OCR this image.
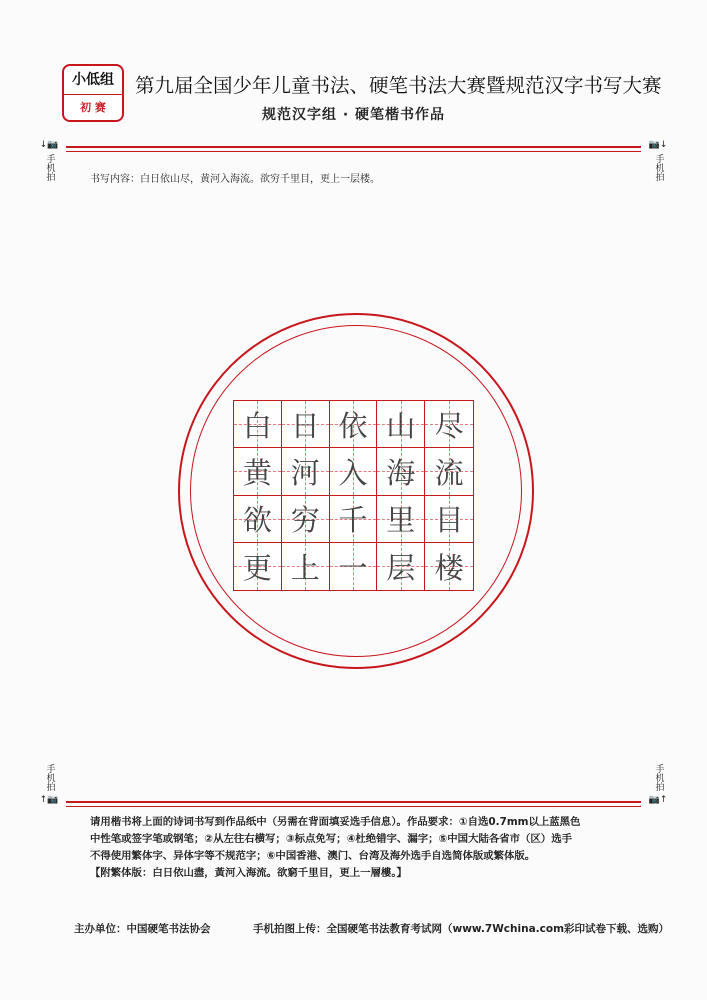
小低组
初 赛
第九届全国少年儿童书法、硬笔书法大赛暨规范汉字书写大赛
规范汉字组 · 硬笔楷书作品
↓📷
手机拍
📷↓
手机拍
手机拍
↑📷
手机拍
📷↑
书写内容：白日依山尽，黄河入海流。欲穷千里目，更上一层楼。
白 日 依 山 尽
黄 河 入 海 流
欲 穷 千 里 目
更 上 一 层 楼
请用楷书将上面的诗词书写到作品纸中（另需在背面填妥选手信息）。作品要求：①自选0.7mm以上蓝黑色
中性笔或签字笔或钢笔；②从左往右横写；③标点免写；④杜绝错字、漏字；⑤中国大陆各省市（区）选手
不得使用繁体字、异体字等不规范字；⑥中国香港、澳门、台湾及海外选手自选简体版或繁体版。
【附繁体版：白日依山盡，黃河入海流。欲窮千里目，更上一層樓。】
主办单位：中国硬笔书法协会	手机拍图上传：全国硬笔书法教育考试网（www.7Wchina.com彩印试卷下载、选购）
